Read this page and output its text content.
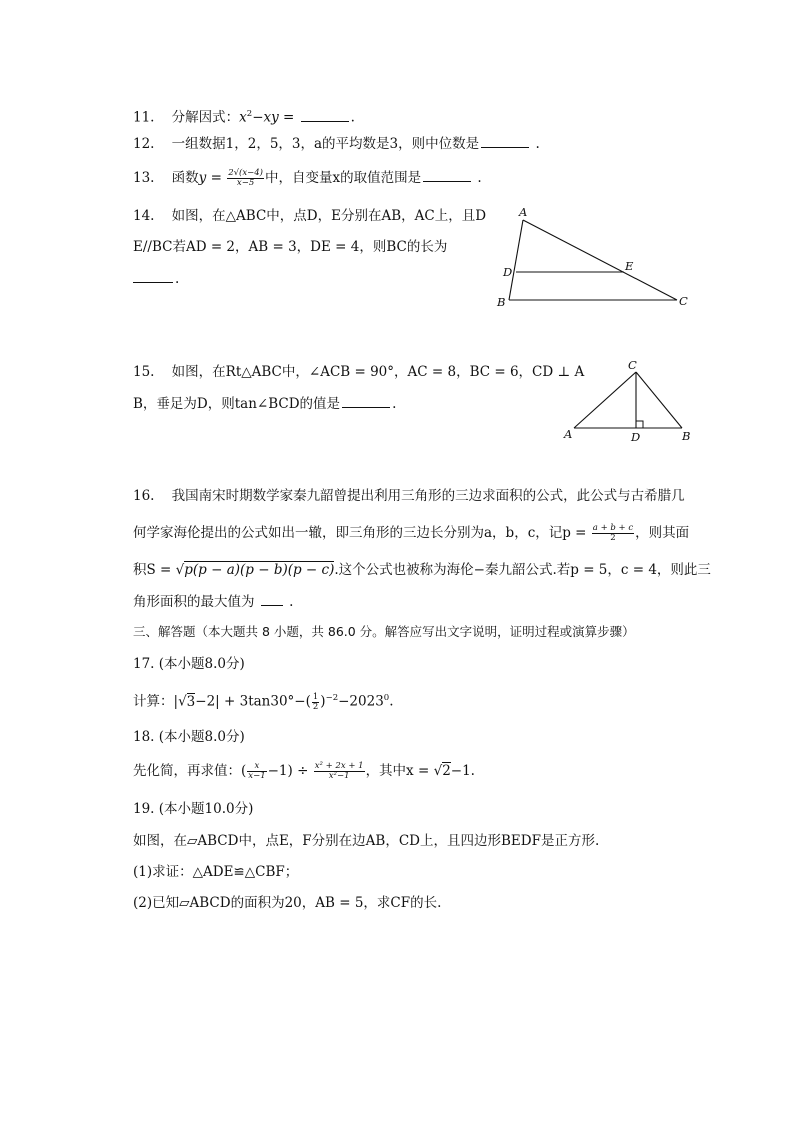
11. 分解因式：$x^2-xy$ =	.
12. 一组数据1，2，5，3，a的平均数是3，则中位数是	.
13. 函数$y = \frac{2√(x-4)}{x-5}$ 中，自变量x的取值范围是	.
14. 如图，在△ABC中，点D，E分别在AB，AC上，且D
E//BC若AD = 2，AB = 3，DE = 4，则BC的长为
.
A
D	E
B	C
15. 如图，在Rt△ABC中，∠ACB = 90°，AC = 8，BC = 6，CD ⊥ A
B，垂足为D，则tan∠BCD的值是	.
C
A	D	B
16. 我国南宋时期数学家秦九韶曾提出利用三角形的三边求面积的公式，此公式与古希腊几
何学家海伦提出的公式如出一辙，即三角形的三边长分别为a，b，c，记$p = \frac{a + b + c}{2}$ ，则其面
积S = √p(p − a)(p − b)(p − c).这个公式也被称为海伦−秦九韶公式.若p = 5，c = 4，则此三
角形面积的最大值为	.
三、解答题（本大题共 8 小题，共 86.0 分。解答应写出文字说明，证明过程或演算步骤）
17. (本小题8.0分)
计算：$|√3-2| + 3\tan 30^\circ-( \frac{1}{2} )^{-2}-2023^0$.
18. (本小题8.0分)
先化简，再求值：( $\frac{x}{x-1} -1) \div \frac{\text{x² + 2x + 1}}{\text{x²−1}}$ ，其中x = √2−1.
19. (本小题10.0分)
如图，在▱ABCD中，点E，F分别在边AB，CD上，且四边形BEDF是正方形.
(1)求证：△ADE≌△CBF；
(2)已知▱ABCD的面积为20，AB = 5，求CF的长.
